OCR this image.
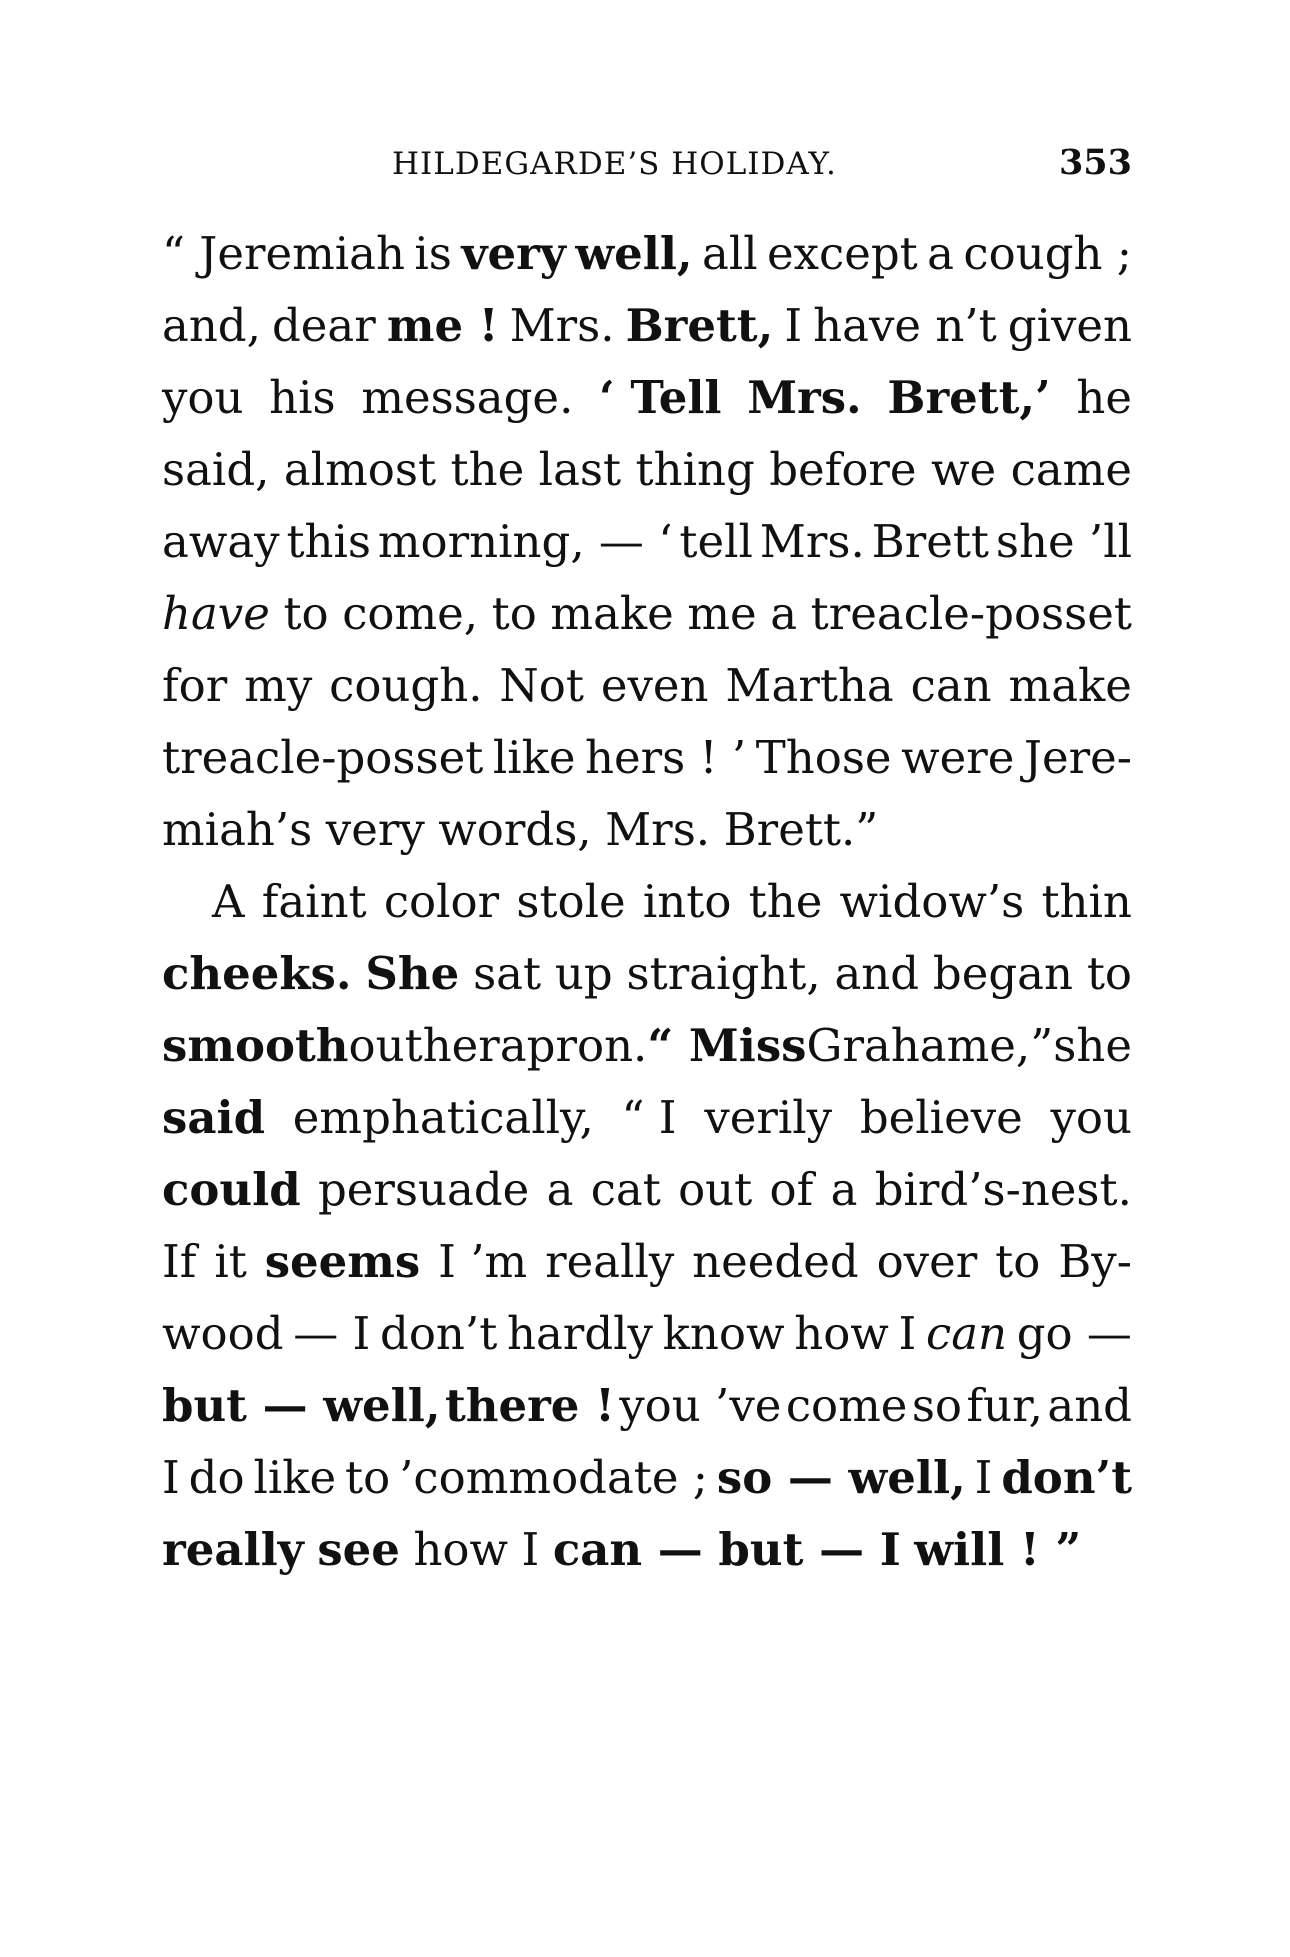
HILDEGARDE’S HOLIDAY.	353
“ Jeremiah is very well, all except a cough ;
and, dear me ! Mrs. Brett, I have n’t given
you his message. ‘ Tell Mrs. Brett,’ he
said, almost the last thing before we came
away this morning, — ‘ tell Mrs. Brett she ’ll
have to come, to make me a treacle-posset
for my cough. Not even Martha can make
treacle-posset like hers ! ’ Those were Jere-
miah’s very words, Mrs. Brett.”
A faint color stole into the widow’s thin
cheeks. She sat up straight, and began to
smooth out her apron. “ Miss Grahame,” she
said emphatically, “ I verily believe you
could persuade a cat out of a bird’s-nest.
If it seems I ’m really needed over to By-
wood — I don’t hardly know how I can go —
but — well, there ! you ’ve come so fur, and
I do like to ’commodate ; so — well, I don’t
really see how I can — but — I will ! ”
